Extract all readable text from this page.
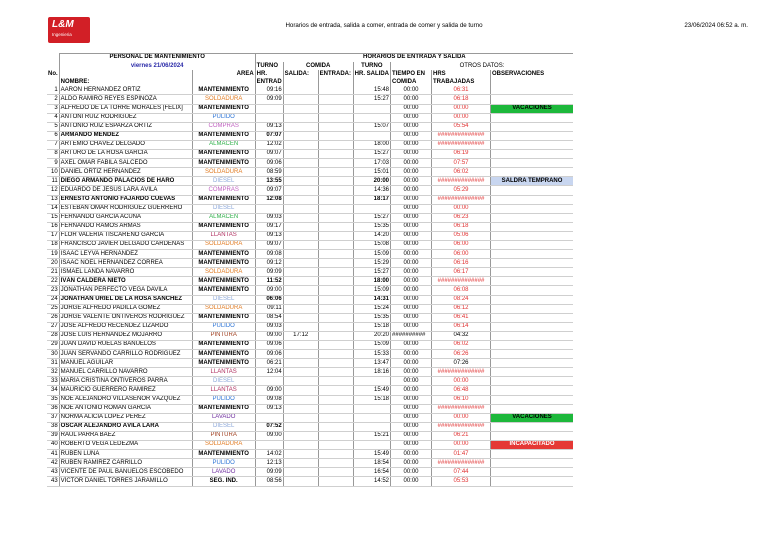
L&M
Ingenieria
Horarios de entrada, salida a comer, entrada de comer y salida de turno	23/06/2024 06:52 a. m.
	PERSONAL DE MANTENIMIENTO		HORARIOS DE ENTRADA Y SALIDA						
	viernes 21/06/2024		TURNO	COMIDA		TURNO	OTROS DATOS:		
No.		ÁREA	HR.	SALIDA:	ENTRADA:	HR. SALIDA	TIEMPO EN	HRS	OBSERVACIONES
	NOMBRE:		ENTRAD				COMIDA	TRABAJADAS	
1	AARÓN HERNÁNDEZ ORTIZ	MANTENIMIENTO	09:16			15:48	00:00	06:31	
2	ALDO RAMIRO REYES ESPINOZA	SOLDADURA	09:09			15:27	00:00	06:18	
3	ALFREDO DE LA TORRE MORALES [FÉLIX]	MANTENIMIENTO					00:00	00:00	VACACIONES
4	ANTONI RUÍZ RODRÍGUEZ	PULIDO					00:00	00:00	
5	ANTONIO RUÍZ ESPARZA ORTÍZ	COMPRAS	09:13			15:07	00:00	05:54	
6	ARMANDO MÉNDEZ	MANTENIMIENTO	07:07				00:00	##############	
7	ARTEMIO CHÁVEZ DELGADO	ALMACÉN	12:02			18:00	00:00	##############	
8	ARTURO DE LA ROSA GARCÍA	MANTENIMIENTO	09:07			15:27	00:00	06:19	
9	AXEL OMAR FABILA SALCEDO	MANTENIMIENTO	09:06			17:03	00:00	07:57	
10	DANIEL ORTÍZ HERNÁNDEZ	SOLDADURA	08:59			15:01	00:00	06:02	
11	DIEGO ARMANDO PALACIOS DE HARO	DIESEL	13:55			20:00	00:00	##############	SALDRA TEMPRANO
12	EDUARDO DE JESÚS LARA ÁVILA	COMPRAS	09:07			14:36	00:00	05:29	
13	ERNESTO ANTONIO FAJARDO CUEVAS	MANTENIMIENTO	12:08			18:17	00:00	##############	
14	ESTEBAN OMAR RODRÍGUEZ GUERRERO	DIESEL					00:00	00:00	
15	FERNANDO GARCÍA ACUÑA	ALMACÉN	09:03			15:27	00:00	06:23	
16	FERNANDO RAMOS ARMAS	MANTENIMIENTO	09:17			15:35	00:00	06:18	
17	FLOR VALERIA TISCAREÑO GARCÍA	LLANTAS	09:13			14:20	00:00	05:06	
18	FRANCISCO JAVIER DELGADO CÁRDENAS	SOLDADURA	09:07			15:08	00:00	06:00	
19	ISAAC LEYVA HERNÁNDEZ	MANTENIMIENTO	09:08			15:09	00:00	06:00	
20	ISAAC NOEL HERNÁNDEZ CORREA	MANTENIMIENTO	09:12			15:29	00:00	06:16	
21	ISMAEL LANDA NAVARRO	SOLDADURA	09:09			15:27	00:00	06:17	
22	IVÁN CALDERA NIETO	MANTENIMIENTO	11:52			18:00	00:00	##############	
23	JONATHAN PERFECTO VEGA DAVILA	MANTENIMIENTO	09:00			15:09	00:00	06:08	
24	JONATHAN URIEL DE LA ROSA SÁNCHEZ	DIESEL	06:06			14:31	00:00	08:24	
25	JORGE ALFREDO PADILLA GÓMEZ	SOLDADURA	09:11			15:24	00:00	06:12	
26	JORGE VALENTE ONTIVEROS RODRÍGUEZ	MANTENIMIENTO	08:54			15:35	00:00	06:41	
27	JOSÉ ALFREDO RECENDEZ LIZARDO	PULIDO	09:03			15:18	00:00	06:14	
28	JOSÉ LUIS HERNÁNDEZ MOJARRO	PINTURA	09:00	17:12		20:20	##########	04:32	
29	JUAN DAVID RUELAS BAÑUELOS	MANTENIMIENTO	09:06			15:09	00:00	06:02	
30	JUAN SERVANDO CARRILLO RODRÍGUEZ	MANTENIMIENTO	09:06			15:33	00:00	06:26	
31	MANUEL AGUILAR	MANTENIMIENTO	06:21			13:47	00:00	07:26	
32	MANUEL CARRILLO NAVARRO	LLANTAS	12:04			18:16	00:00	##############	
33	MARÍA CRISTINA ONTIVEROS PARRA	DIESEL					00:00	00:00	
34	MAURICIO GUERRERO RAMÍREZ	LLANTAS	09:00			15:49	00:00	06:48	
35	NOÉ ALEJANDRO VILLASEÑOR VÁZQUEZ	PULIDO	09:08			15:18	00:00	06:10	
36	NOÉ ANTONIO ROMÁN GARCÍA	MANTENIMIENTO	09:13				00:00	##############	
37	NORMA ALICIA LÓPEZ PÉREZ	LAVADO					00:00	00:00	VACACIONES
38	ÓSCAR ALEJANDRO ÁVILA LARA	DIESEL	07:52				00:00	##############	
39	RAÚL PARRA BÁEZ	PINTURA	09:00			15:21	00:00	06:21	
40	ROBERTO VEGA LEDEZMA	SOLDADURA					00:00	00:00	INCAPACITADO
41	RUBÉN LUNA	MANTENIMIENTO	14:02			15:49	00:00	01:47	
42	RUBÉN RAMÍREZ CARRILLO	PULIDO	12:13			18:54	00:00	##############	
43	VICENTE DE PAÚL BAÑUELOS ESCOBEDO	LAVADO	09:09			16:54	00:00	07:44	
43	VÍCTOR DANIEL TORRES JARAMILLO	SEG. IND.	08:56			14:52	00:00	05:53	
